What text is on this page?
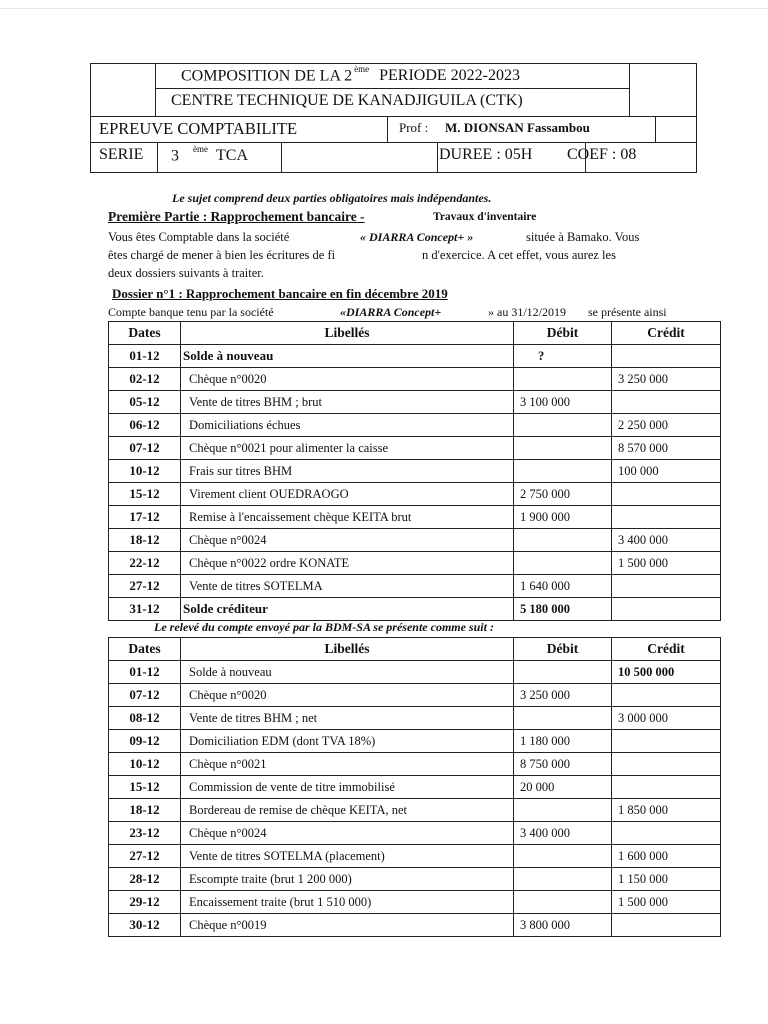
COMPOSITION DE LA 2 $^{ème}$ PERIODE 2022-2023
CENTRE TECHNIQUE DE KANADJIGUILA (CTK)
EPREUVE COMPTABILITE	Prof : M. DIONSAN Fassambou
SERIE 3 $^{ème}$ TCA	DUREE : 05H COEF : 08
Le sujet comprend deux parties obligatoires mais indépendantes.
Première Partie : Rapprochement bancaire -	Travaux d'inventaire
Vous êtes Comptable dans la société	« DIARRA Concept+ »	située à Bamako. Vous
êtes chargé de mener à bien les écritures de fi	n d'exercice. A cet effet, vous aurez les
deux dossiers suivants à traiter.
Dossier n°1 : Rapprochement bancaire en fin décembre 2019
Compte banque tenu par la société	«DIARRA Concept+	» au 31/12/2019 se présente ainsi
Dates	Libellés	Débit	Crédit
01-12	Solde à nouveau	?	
02-12	Chèque n°0020		3 250 000
05-12	Vente de titres BHM ; brut	3 100 000	
06-12	Domiciliations échues		2 250 000
07-12	Chèque n°0021 pour alimenter la caisse		8 570 000
10-12	Frais sur titres BHM		100 000
15-12	Virement client OUEDRAOGO	2 750 000	
17-12	Remise à l'encaissement chèque KEITA brut	1 900 000	
18-12	Chèque n°0024		3 400 000
22-12	Chèque n°0022 ordre KONATE		1 500 000
27-12	Vente de titres SOTELMA	1 640 000	
31-12	Solde créditeur	5 180 000	
Le relevé du compte envoyé par la BDM-SA se présente comme suit :
Dates	Libellés	Débit	Crédit
01-12	Solde à nouveau		10 500 000
07-12	Chèque n°0020	3 250 000	
08-12	Vente de titres BHM ; net		3 000 000
09-12	Domiciliation EDM (dont TVA 18%)	1 180 000	
10-12	Chèque n°0021	8 750 000	
15-12	Commission de vente de titre immobilisé	20 000	
18-12	Bordereau de remise de chèque KEITA, net		1 850 000
23-12	Chèque n°0024	3 400 000	
27-12	Vente de titres SOTELMA (placement)		1 600 000
28-12	Escompte traite (brut 1 200 000)		1 150 000
29-12	Encaissement traite (brut 1 510 000)		1 500 000
30-12	Chèque n°0019	3 800 000	
